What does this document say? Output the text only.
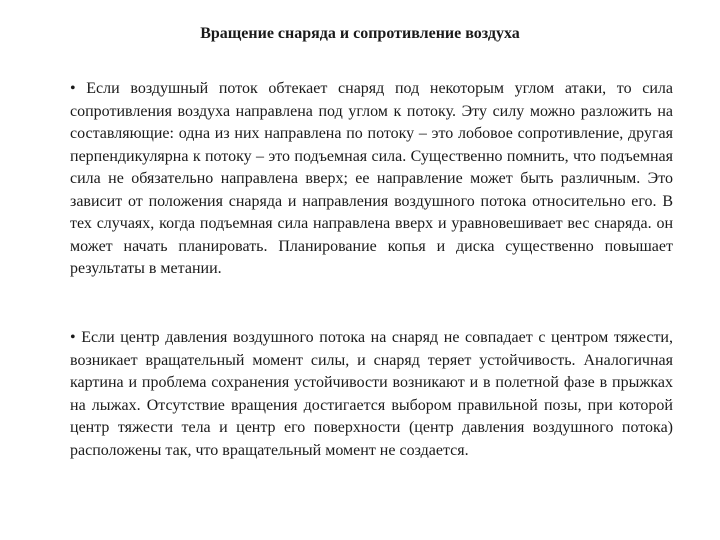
Вращение снаряда и сопротивление воздуха

• Если воздушный поток обтекает снаряд под некоторым углом атаки, то сила сопротивления воздуха направлена под углом к потоку. Эту силу можно разложить на составляющие: одна из них направлена по потоку – это лобовое сопротивление, другая перпендикулярна к потоку – это подъемная сила. Существенно помнить, что подъемная сила не обязательно направлена вверх; ее направление может быть различным. Это зависит от положения снаряда и направления воздушного потока относительно его. В тех случаях, когда подъемная сила направлена вверх и уравновешивает вес снаряда. он может начать планировать. Планирование копья и диска существенно повышает результаты в метании.

• Если центр давления воздушного потока на снаряд не совпадает с центром тяжести, возникает вращательный момент силы, и снаряд теряет устойчивость. Аналогичная картина и проблема сохранения устойчивости возникают и в полетной фазе в прыжках на лыжах. Отсутствие вращения достигается выбором правильной позы, при которой центр тяжести тела и центр его поверхности (центр давления воздушного потока) расположены так, что вращательный момент не создается.
